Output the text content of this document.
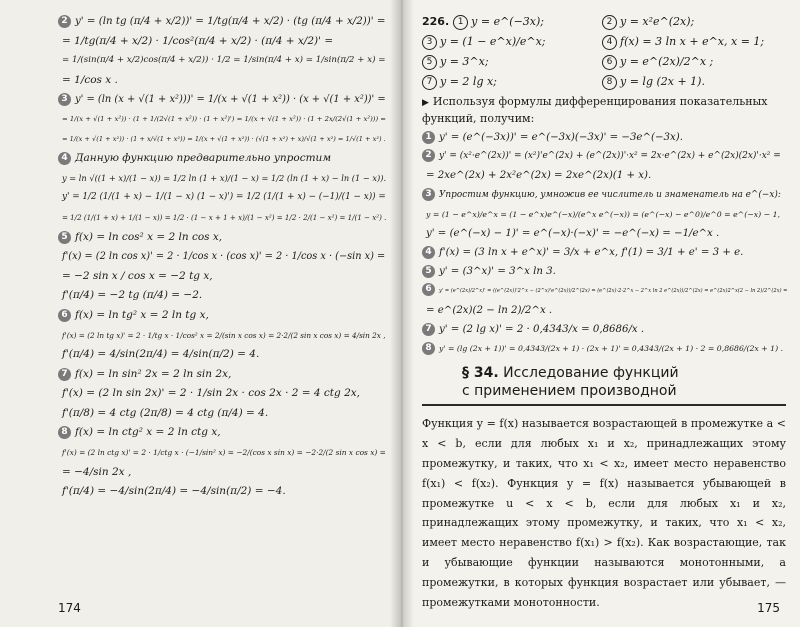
2 y' = (ln tg (π/4 + x/2))' = 1/tg(π/4 + x/2) · (tg (π/4 + x/2))' =
= 1/tg(π/4 + x/2) · 1/cos²(π/4 + x/2) · (π/4 + x/2)' =
= 1/(sin(π/4 + x/2)cos(π/4 + x/2)) · 1/2 = 1/sin(π/4 + x) = 1/sin(π/2 + x) =
= 1/cos x .
3 y' = (ln (x + √(1 + x²)))' = 1/(x + √(1 + x²)) · (x + √(1 + x²))' =
= 1/(x + √(1 + x²)) · (1 + 1/(2√(1 + x²)) · (1 + x²)') = 1/(x + √(1 + x²)) · (1 + 2x/(2√(1 + x²))) =
= 1/(x + √(1 + x²)) · (1 + x/√(1 + x²)) = 1/(x + √(1 + x²)) · (√(1 + x²) + x)/√(1 + x²) = 1/√(1 + x²) .
4 Данную функцию предварительно упростим
y = ln √((1 + x)/(1 − x)) = 1/2 ln (1 + x)/(1 − x) = 1/2 (ln (1 + x) − ln (1 − x)).
y' = 1/2 (1/(1 + x) − 1/(1 − x) (1 − x)') = 1/2 (1/(1 + x) − (−1)/(1 − x)) =
= 1/2 (1/(1 + x) + 1/(1 − x)) = 1/2 · (1 − x + 1 + x)/(1 − x²) = 1/2 · 2/(1 − x²) = 1/(1 − x²) .
5 f(x) = ln cos² x = 2 ln cos x,
f'(x) = (2 ln cos x)' = 2 · 1/cos x · (cos x)' = 2 · 1/cos x · (−sin x) =
= −2 sin x / cos x = −2 tg x,
f'(π/4) = −2 tg (π/4) = −2.
6 f(x) = ln tg² x = 2 ln tg x,
f'(x) = (2 ln tg x)' = 2 · 1/tg x · 1/cos² x = 2/(sin x cos x) = 2·2/(2 sin x cos x) = 4/sin 2x ,
f'(π/4) = 4/sin(2π/4) = 4/sin(π/2) = 4.
7 f(x) = ln sin² 2x = 2 ln sin 2x,
f'(x) = (2 ln sin 2x)' = 2 · 1/sin 2x · cos 2x · 2 = 4 ctg 2x,
f'(π/8) = 4 ctg (2π/8) = 4 ctg (π/4) = 4.
8 f(x) = ln ctg² x = 2 ln ctg x,
f'(x) = (2 ln ctg x)' = 2 · 1/ctg x · (−1/sin² x) = −2/(cos x sin x) = −2·2/(2 sin x cos x) =
= −4/sin 2x ,
f'(π/4) = −4/sin(2π/4) = −4/sin(π/2) = −4.
174
226. 1 y = e^(−3x);	2 y = x²e^(2x);
3 y = (1 − e^x)/e^x;	4 f(x) = 3 ln x + e^x, x = 1;
5 y = 3^x;	6 y = e^(2x)/2^x ;
7 y = 2 lg x;	8 y = lg (2x + 1).
▶ Используя формулы дифференцирования показательных функций, получим:
1 y' = (e^(−3x))' = e^(−3x)(−3x)' = −3e^(−3x).
2 y' = (x²·e^(2x))' = (x²)'e^(2x) + (e^(2x))'·x² = 2x·e^(2x) + e^(2x)(2x)'·x² =
= 2xe^(2x) + 2x²e^(2x) = 2xe^(2x)(1 + x).
3 Упростим функцию, умножив ее числитель и знаменатель на e^(−x):
y = (1 − e^x)/e^x = (1 − e^x)e^(−x)/(e^x e^(−x)) = (e^(−x) − e^0)/e^0 = e^(−x) − 1,
y' = (e^(−x) − 1)' = e^(−x)·(−x)' = −e^(−x) = −1/e^x .
4 f'(x) = (3 ln x + e^x)' = 3/x + e^x, f'(1) = 3/1 + e' = 3 + e.
5 y' = (3^x)' = 3^x ln 3.
6 y' = (e^(2x)/2^x)' = ((e^(2x))'2^x − (2^x)'e^(2x))/2^(2x) = (e^(2x)·2·2^x − 2^x ln 2 e^(2x))/2^(2x) = e^(2x)2^x(2 − ln 2)/2^(2x) =
= e^(2x)(2 − ln 2)/2^x .
7 y' = (2 lg x)' = 2 · 0,4343/x = 0,8686/x .
8 y' = (lg (2x + 1))' = 0,4343/(2x + 1) · (2x + 1)' = 0,4343/(2x + 1) · 2 = 0,8686/(2x + 1) .
§ 34. Исследование функций
с применением производной
Функция y = f(x) называется возрастающей в промежутке a < x < b, если для любых x₁ и x₂, принадлежащих этому промежутку, и таких, что x₁ < x₂, имеет место неравенство f(x₁) < f(x₂). Функция y = f(x) называется убывающей в промежутке u < x < b, если для любых x₁ и x₂, принадлежащих этому промежутку, и таких, что x₁ < x₂, имеет место неравенство f(x₁) > f(x₂). Как возрастающие, так и убывающие функции называются монотонными, а промежутки, в которых функция возрастает или убывает, — промежутками монотонности.	175
